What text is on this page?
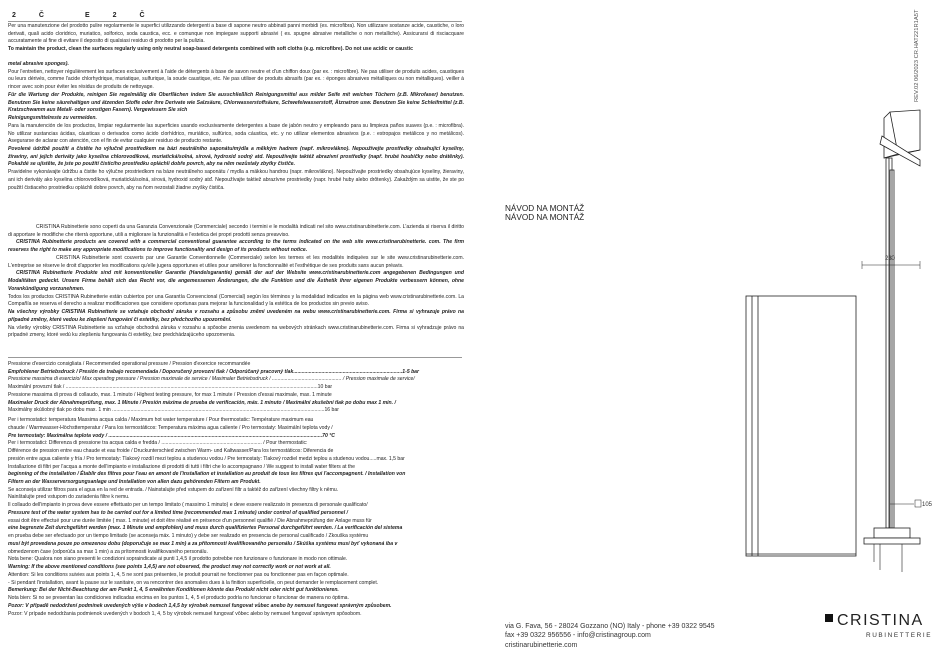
2	Č	E	2	Č

Per una manutenzione del prodotto pulire regolarmente le superfici utilizzando detergenti a base di sapone neutro abbinati panni morbidi (es. microfibra). Non utilizzare sostanze acide, caustiche, o loro derivati, quali acido cloridrico, muriatico, solforico, soda caustica, ecc. e comunque non impiegare supporti abrasivi ( es. spugne abrasive metalliche o non metalliche). Assicurarsi di risciacquare accuratamente al fine di evitare il deposito di qualsiasi residuo di prodotto per la pulizia.

To maintain the product, clean the surfaces regularly using only neutral soap-based detergents combined with soft cloths (e.g. microfibre). Do not use acidic or caustic

metal abrasive sponges).

Pour l'entretien, nettoyer régulièrement les surfaces exclusivement à l'aide de détergents à base de savon neutre et d'un chiffon doux (par ex. : microfibre). Ne pas utiliser de produits acides, caustiques ou leurs dérivés, comme l'acide chlorhydrique, muriatique, sulfurique, la soude caustique, etc. Ne pas utiliser de produits abrasifs (par ex. : éponges abrasives métalliques ou non métalliques). veiller à rincer avec soin pour éviter les résidus de produits de nettoyage.

Für die Wartung der Produkte, reinigen Sie regelmäßig die Oberflächen indem Sie ausschließlich Reinigungsmittel aus milder Seife mit weichen Tüchern (z.B. Mikrofaser) benutzen. Benutzen Sie keine säurehaltigen und ätzenden Stoffe oder ihre Derivate wie Salzsäure, Chlorwasserstoffsäure, Schwefelwasserstoff, Ätznatron usw. Benutzen Sie keine Schleifmittel (z.B. Kratzschwamm aus Metall- oder sonstigen Fasern). Vergewissern Sie sich

Reinigungsmittelreste zu vermeiden.

Para la manutención de los productos, limpiar regularmente las superficies usando exclusivamente detergentes a base de jabón neutro y empleando para su limpieza paños suaves (p.e. : microfibra). No utilizar sustancias ácidas, cáusticas o derivados como ácido clorhídrico, muriático, sulfúrico, soda cáustica, etc. y no utilizar elementos abrasivos (p.e. : estropajos metálicos y no metálicos). Asegurarse de aclarar con atención, con el fin de evitar cualquier residuo de producto restante.

Povolené údržbě použití a čistěte ho výlučně prostředkem na bázi neutrálního saponátu/mýdla a měkkým hadrem (např. mikrovlákno). Nepoužívejte prostředky obsahující kyseliny, žíraviny, ani jejich deriváty jako kyselina chlorovodíková, muriatická/solná, sírová, hydroxid sodný atd. Nepoužívejte taktéž abrazivní prostředky (např. hrubé houbičky nebo drátěnky). Pokaždé se ujistěte, že jste po použití čisticího prostředku opláchli dobře povrch, aby na něm nezůstaly zbytky čističe.

Pravidelne vykonávajte údržbu a čistite ho výlučne prostriedkom na báze neutrálneho saponátu / mydla a mäkkou handrou (napr. mikrovlákno). Nepoužívajte prostriedky obsahujúce kyseliny, žieraviny, ani ich deriváty ako kyselina chlorovodíková, muriatická/solná, sírová, hydroxid sodný atď. Nepoužívajte taktiež abrazívne prostriedky (napr. hrubé huby alebo drôtenky). Zakaždým sa uistite, že ste po použití čistiaceho prostriedku opláchli dobre povrch, aby na ňom nezostali žiadne zvyšky čističa.

CRISTINA Rubinetterie sono coperti da una Garanzia Convenzionale (Commerciale) secondo i termini e le modalità indicati nel sito www.cristinarubinetterie.com. L'azienda si riserva il diritto di apportare le modifiche che riterrà opportune, utili a migliorare la funzionalità e l'estetica dei propri prodotti senza preavviso.

CRISTINA Rubinetterie products are covered with a commercial conventional guarantee according to the terms indicated on the web site www.cristinarubinetterie. com. The firm reserves the right to make any appropriate modifications to improve functionality and design of its products without notice.

CRISTINA Rubinetterie sont couverts par une Garantie Conventionnelle (Commerciale) selon les termes et les modalités indiquées sur le site www.cristinarubinetterie.com. L'entreprise se réserve le droit d'apporter les modifications qu'elle jugera opportunes et utiles pour améliorer la fonctionnalité et l'esthétique de ses produits sans aucun préavis.

CRISTINA Rubinetterie Produkte sind mit konventioneller Garantie (Handelsgarantie) gemäß der auf der Website www.cristinarubinetterie.com angegebenen Bedingungen und Modalitäten gedeckt. Unsere Firma behält sich das Recht vor, die angemessenen Änderungen, die die Funktion und die Ästhetik ihrer eigenen Produkte verbessern können, ohne Vorankündigung vorzunehmen.

Todos los productos CRISTINA Rubinetterie están cubiertos por una Garantía Convencional (Comercial) según los términos y la modalidad indicados en la página web www.cristinarubinetterie.com. La Compañía se reserva el derecho a realizar modificaciones que considere oportunas para mejorar la funcionalidad y la estética de los productos sin previo aviso.

Na všechny výrobky CRISTINA Rubinetterie se vztahuje obchodní záruka v rozsahu a způsobu zněmi uvedeném na webu www.cristinarubinetterie.com. Firma si vyhrazuje právo na případné změny, které vedou ke zlepšení fungování či estetiky, bez předchozího upozornění.

Na všetky výrobky CRISTINA Rubinetterie sa vzťahuje obchodná záruka v rozsahu a spôsobe znenia uvedenom na webových stránkach www.cristinarubinetterie.com. Firma si vyhradzuje právo na prípadné zmeny, ktoré vedú ku zlepšeniu fungovania či estetiky, bez predchádzajúceho upozornenia.

Pressione d'esercizio consigliata / Recommended operational pressure / Pression d'exercice recommandée

Empfohlener Betriebsdruck / Presión de trabajo recomendada / Doporučený provozní tlak / Odporúčaný pracovný tlak.............................................................................1-5 bar

Pressione massima di esercizio/ Max operating pressure / Pression maximale de service / Maximaler Betriebsdruck / ................................................. / Pression maximale de service/

Maximální provozní tlak / ..................................................................................................................................................................................10 bar

Pressione massima di prova di collaudo, max. 1 minuto / Highest testing pressure, for max 1 minute / Pression d'essai maximale, max. 1 minute

Maximaler Druck der Abnahmeprüfung, max. 1 Minute / Presión máxima de prueba de verificación, máx. 1 minuto / Maximální zkušební tlak po dobu max 1 min. /

Maximálny skúšobný tlak po dobu max. 1 min ......................................................................................................................................................16 bar

Per i termostatici: temperatura Massima acqua calda / Maximum hot water temperature / Pour thermostatic: Température maximum eau

chaude / Warmwasser-Höchsttemperatur / Para los termostáticos: Temperatura máxima agua caliente / Pro termostaty: Maximální teplota vody /

Pre termostaty: Maximálna teplota vody / .......................................................................................................................................................70 °C

Per i termostatici: Differenza di pressione tra acqua calda e fredda / ....................................................................... / Pour thermostatic:

Différence de pression entre eau chaude et eau froide / Druckunterschied zwischen Warm- und Kaltwasser/Para los termostáticos: Diferencia de

presión entre agua caliente y fría / Pro termostaty: Tlakový rozdíl mezi teplou a studenou vodou / Pre termostaty: Tlakový rozdiel medzi teplou a studenou vodou.....max. 1,5 bar

Installazione di filtri per l'acqua a monte dell'impianto e installazione di prodotti di tutti i filtri che lo accompagnano / We suggest to install water filters at the

beginning of the installation / Établir des filtres pour l'eau en amont de l'installation et installation au produit de tous les filtres qui l'accompagnent. / Installation von

Filtern an der Wasserversorgungsanlage und Installation von allen dazu gehörenden Filtern am Produkt.

Se aconseja utilizar filtros para el agua en la red de entrada. / Nainstalujte před vstupem do zařízení filtr a taktéž do zařízení všechny filtry k němu.

Nainštalujte pred vstupom do zariadenia filtre k nemu.

Il collaudo dell'impianto in prova deve essere effettuato per un tempo limitato ( massimo 1 minuto) e deve essere realizzato in presenza di personale qualificato/

Pressure test of the water system has to be carried out for a limited time (recommended max 1 minute) under control of qualified personnel /

essai doit être effectué pour une durée limitée ( max. 1 minute) et doit être réalisé en présence d'un personnel qualifié / Die Abnahmeprüfung der Anlage muss für

eine begrenzte Zeit durchgeführt werden (max. 1 Minute und empfohlen) und muss durch qualifiziertes Personal durchgeführt werden. / La verificación del sistema

en prueba debe ser efectuado por un tiempo limitado (se aconseja máx. 1 minuto) y debe ser realizado en presencia de personal cualificado / Zkouška systému

musí být provedena pouze po omezenou dobu (doporučuje se max 1 min) a za přítomnosti kvalifikovaného personálu / Skúška systému musí byť vykonaná iba v

obmedzenom čase (odporúča sa max 1 min) a za prítomnosti kvalifikovaného personálu.

Nota bene: Qualora non siano presenti le condizioni sopraindicate ai punti 1,4,5 il prodotto potrebbe non funzionare o funzionare in modo non ottimale.

Warning: If the above mentioned conditions (see points 1,4,5) are not observed, the product may not correctly work or not work at all.

Attention: Si les conditions suivies aux points 1, 4, 5 ne sont pas présentes, le produit pourrait ne fonctionner pas ou fonctionner pas en façon optimale.

- Si pendant l'installation, avant la pause sur le sanitaire, on va rencontrer des anomalies dues à la finition superficielle, on peut demander le remplacement complet.

Bemerkung: Bei der Nicht-Beachtung der am Punkt 1, 4, 5 erwähnten Konditionen könnte das Produkt nicht oder nicht gut funktionieren.

Nota bien: Si no se presentan las condiciones indicadas encima en los puntos 1, 4, 5 el producto podría no funcionar o funcionar de manera no óptima.

Pozor: V případě nedodržení podmínek uvedených výše v bodech 1,4,5 by výrobek nemusel fungovat vůbec anebo by nemusel fungovat správným způsobem.

Pozor: V prípade nedodržania podmienok uvedených v bodoch 1, 4, 5 by výrobok nemusel fungovať vôbec alebo by nemusel fungovať správnym spôsobom.

REV.02 06/2023 CR.HAT221R1A5T
NÁVOD NA MONTÁŽ
NÁVOD NA MONTÁŽ
230
105
via G. Fava, 56 - 28024 Gozzano (NO) Italy - phone +39 0322 9545
fax +39 0322 956556 - info@cristinagroup.com
cristinarubinetterie.com
CRISTINA
RUBINETTERIE
